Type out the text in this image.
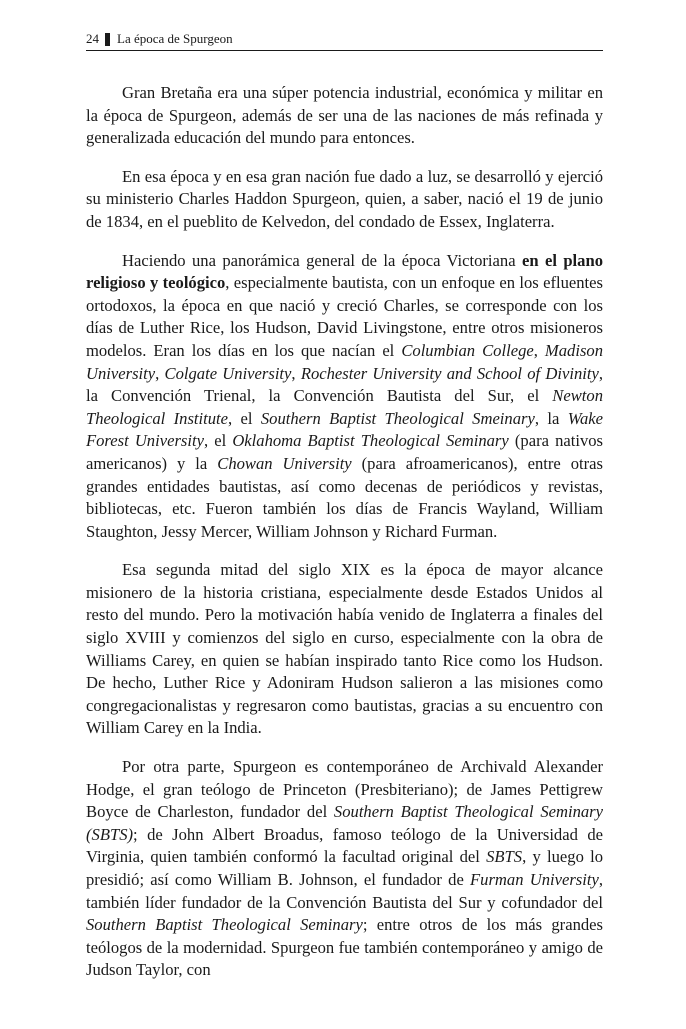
24 La época de Spurgeon

Gran Bretaña era una súper potencia industrial, económica y militar en la época de Spurgeon, además de ser una de las naciones de más refinada y generalizada educación del mundo para entonces.

En esa época y en esa gran nación fue dado a luz, se desarrolló y ejerció su ministerio Charles Haddon Spurgeon, quien, a saber, nació el 19 de junio de 1834, en el pueblito de Kelvedon, del condado de Essex, Inglaterra.

Haciendo una panorámica general de la época Victoriana en el plano religioso y teológico, especialmente bautista, con un enfoque en los efluentes ortodoxos, la época en que nació y creció Charles, se corresponde con los días de Luther Rice, los Hudson, David Livingstone, entre otros misioneros modelos. Eran los días en los que nacían el Columbian College, Madison University, Colgate University, Rochester University and School of Divinity, la Convención Trienal, la Convención Bautista del Sur, el Newton Theological Institute, el Southern Baptist Theological Smeinary, la Wake Forest University, el Oklahoma Baptist Theological Seminary (para nativos americanos) y la Chowan University (para afroamericanos), entre otras grandes entidades bautistas, así como decenas de periódicos y revistas, bibliotecas, etc. Fueron también los días de Francis Wayland, William Staughton, Jessy Mercer, William Johnson y Richard Furman.

Esa segunda mitad del siglo XIX es la época de mayor alcance misionero de la historia cristiana, especialmente desde Estados Unidos al resto del mundo. Pero la motivación había venido de Inglaterra a finales del siglo XVIII y comienzos del siglo en curso, especialmente con la obra de Williams Carey, en quien se habían inspirado tanto Rice como los Hudson. De hecho, Luther Rice y Adoniram Hudson salieron a las misiones como congregacionalistas y regresaron como bautistas, gracias a su encuentro con William Carey en la India.

Por otra parte, Spurgeon es contemporáneo de Archivald Alexander Hodge, el gran teólogo de Princeton (Presbiteriano); de James Pettigrew Boyce de Charleston, fundador del Southern Baptist Theological Seminary (SBTS); de John Albert Broadus, famoso teólogo de la Universidad de Virginia, quien también conformó la facultad original del SBTS, y luego lo presidió; así como William B. Johnson, el fundador de Furman University, también líder fundador de la Convención Bautista del Sur y cofundador del Southern Baptist Theological Seminary; entre otros de los más grandes teólogos de la modernidad. Spurgeon fue también contemporáneo y amigo de Judson Taylor, con
